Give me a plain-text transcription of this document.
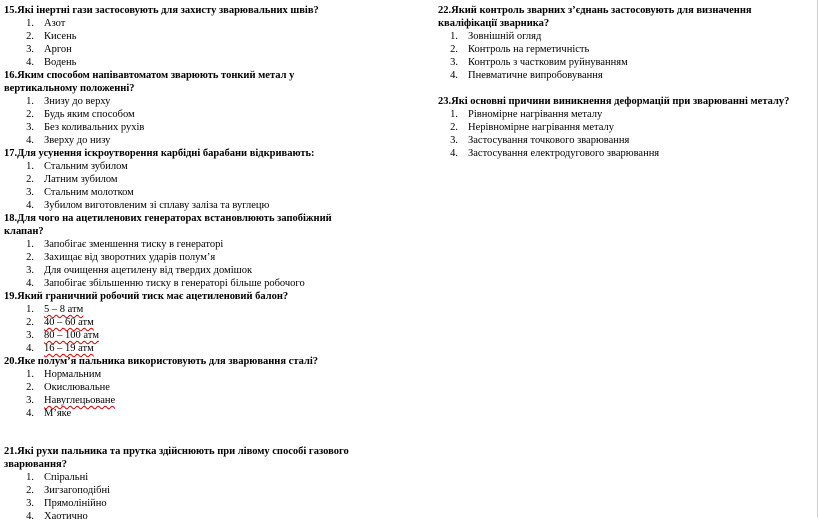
15.Які інертні гази застосовують для захисту зварювальних швів?

1. Азот
2. Кисень
3. Аргон
4. Водень

16.Яким способом напівавтоматом зварюють тонкий метал у вертикальному положенні?

1. Знизу до верху
2. Будь яким способом
3. Без коливальних рухів
4. Зверху до низу

17.Для усунення іскроутворення карбідні барабани відкривають:

1. Стальним зубилом
2. Латним зубилом
3. Стальним молотком
4. Зубилом виготовленим зі сплаву заліза та вуглецю

18.Для чого на ацетиленових генераторах встановлюють запобіжний клапан?

1. Запобігає зменшення тиску в генераторі
2. Захищає від зворотних ударів полум’я
3. Для очищення ацетилену від твердих домішок
4. Запобігає збільшенню тиску в генераторі більше робочого

19.Який граничний робочий тиск має ацетиленовий балон?

1. 5 – 8 атм
2. 40 – 60 атм
3. 80 – 100 атм
4. 16 – 19 атм

20.Яке полум’я пальника використовують для зварювання сталі?

1. Нормальним
2. Окислювальне
3. Навуглецьоване
4. М’яке

21.Які рухи пальника та прутка здійснюють при лівому способі газового зварювання?

1. Спіральні
2. Зигзагоподібні
3. Прямолінійно
4. Хаотично

22.Який контроль зварних з’єднань застосовують для визначення кваліфікації зварника?

1. Зовнішній огляд
2. Контроль на герметичність
3. Контроль з частковим руйнуванням
4. Пневматичне випробовування

23.Які основні причини виникнення деформацій при зварюванні металу?

1. Рівномірне нагрівання металу
2. Нерівномірне нагрівання металу
3. Застосування точкового зварювання
4. Застосування електродугового зварювання
